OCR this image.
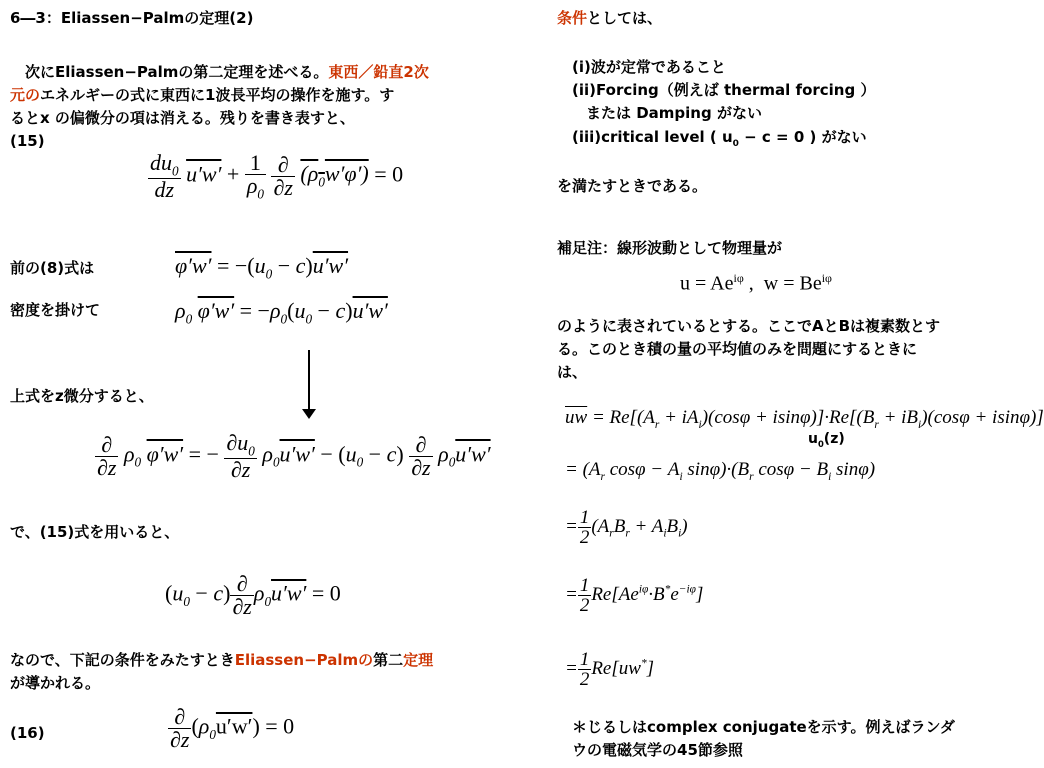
6―3：Eliassen−Palmの定理(2)
　次にEliassen−Palmの第二定理を述べる。東西／鉛直2次
元のエネルギーの式に東西に1波長平均の操作を施す。す
るとx の偏微分の項は消える。残りを書き表すと、
(15)
$\frac{du_0}{dz} u'w' + \frac{1}{\rho_0}$
$\frac{\partial}{\partial z} (\rho_0w'\varphi') = 0$
前の(8)式は	$\varphi'w' = -(u_0 - c)u'w'$
密度を掛けて	$\rho_0$ $\varphi'w' = -\rho_0(u_0 - c)u'w'$
上式をz微分すると、
$\frac{\partial}{\partial z} \rho_0$ φ′w′ = − $\frac{\partial u_0}{\partial z} \rho_0u'w' - (u_0 - c) \frac{\partial}{\partial z} \rho_0u'w'$
で、(15)式を用いると、
$(u_0 - c) \frac{\partial}{\partial z} \rho_0u'w' = 0$
なので、下記の条件をみたすときEliassen−Palmの第二定理
が導かれる。
(16)	$\frac{\partial}{\partial z} (\rho_0u'w') = 0$
条件としては、
(i)波が定常であること
(ii)Forcing（例えば thermal forcing ）
または Damping がない
(iii)critical level ( $u_0 - c = 0$ ) がない
を満たすときである。
補足注：線形波動として物理量が
$u = Ae^{i\varphi}$ ,  $w = Be^{i\varphi}$
のように表されているとする。ここでAとBは複素数とす
る。このとき積の量の平均値のみを問題にするときに
は、
$\overline{uw} = Re[(A_r + iA_i)(\cos\varphi + isin\varphi)]\cdot Re[(B_r + iB_i)(\cos\varphi + isin\varphi)]$
$u_0(z)$
= ($A_r$ $\cos\varphi - A_i$ $\sin\varphi)\cdot(B_r$ $\cos\varphi - B_i$ sinφ)
= $\frac{1}{2} (A_rB_r + A_iB_i)$
= $\frac{1}{2} Re[Ae^{i\varphi}\cdot B^*e^{-i\varphi}]$
= $\frac{1}{2} Re[uw^*]$
＊じるしはcomplex conjugateを示す。例えばランダ
ウの電磁気学の45節参照
